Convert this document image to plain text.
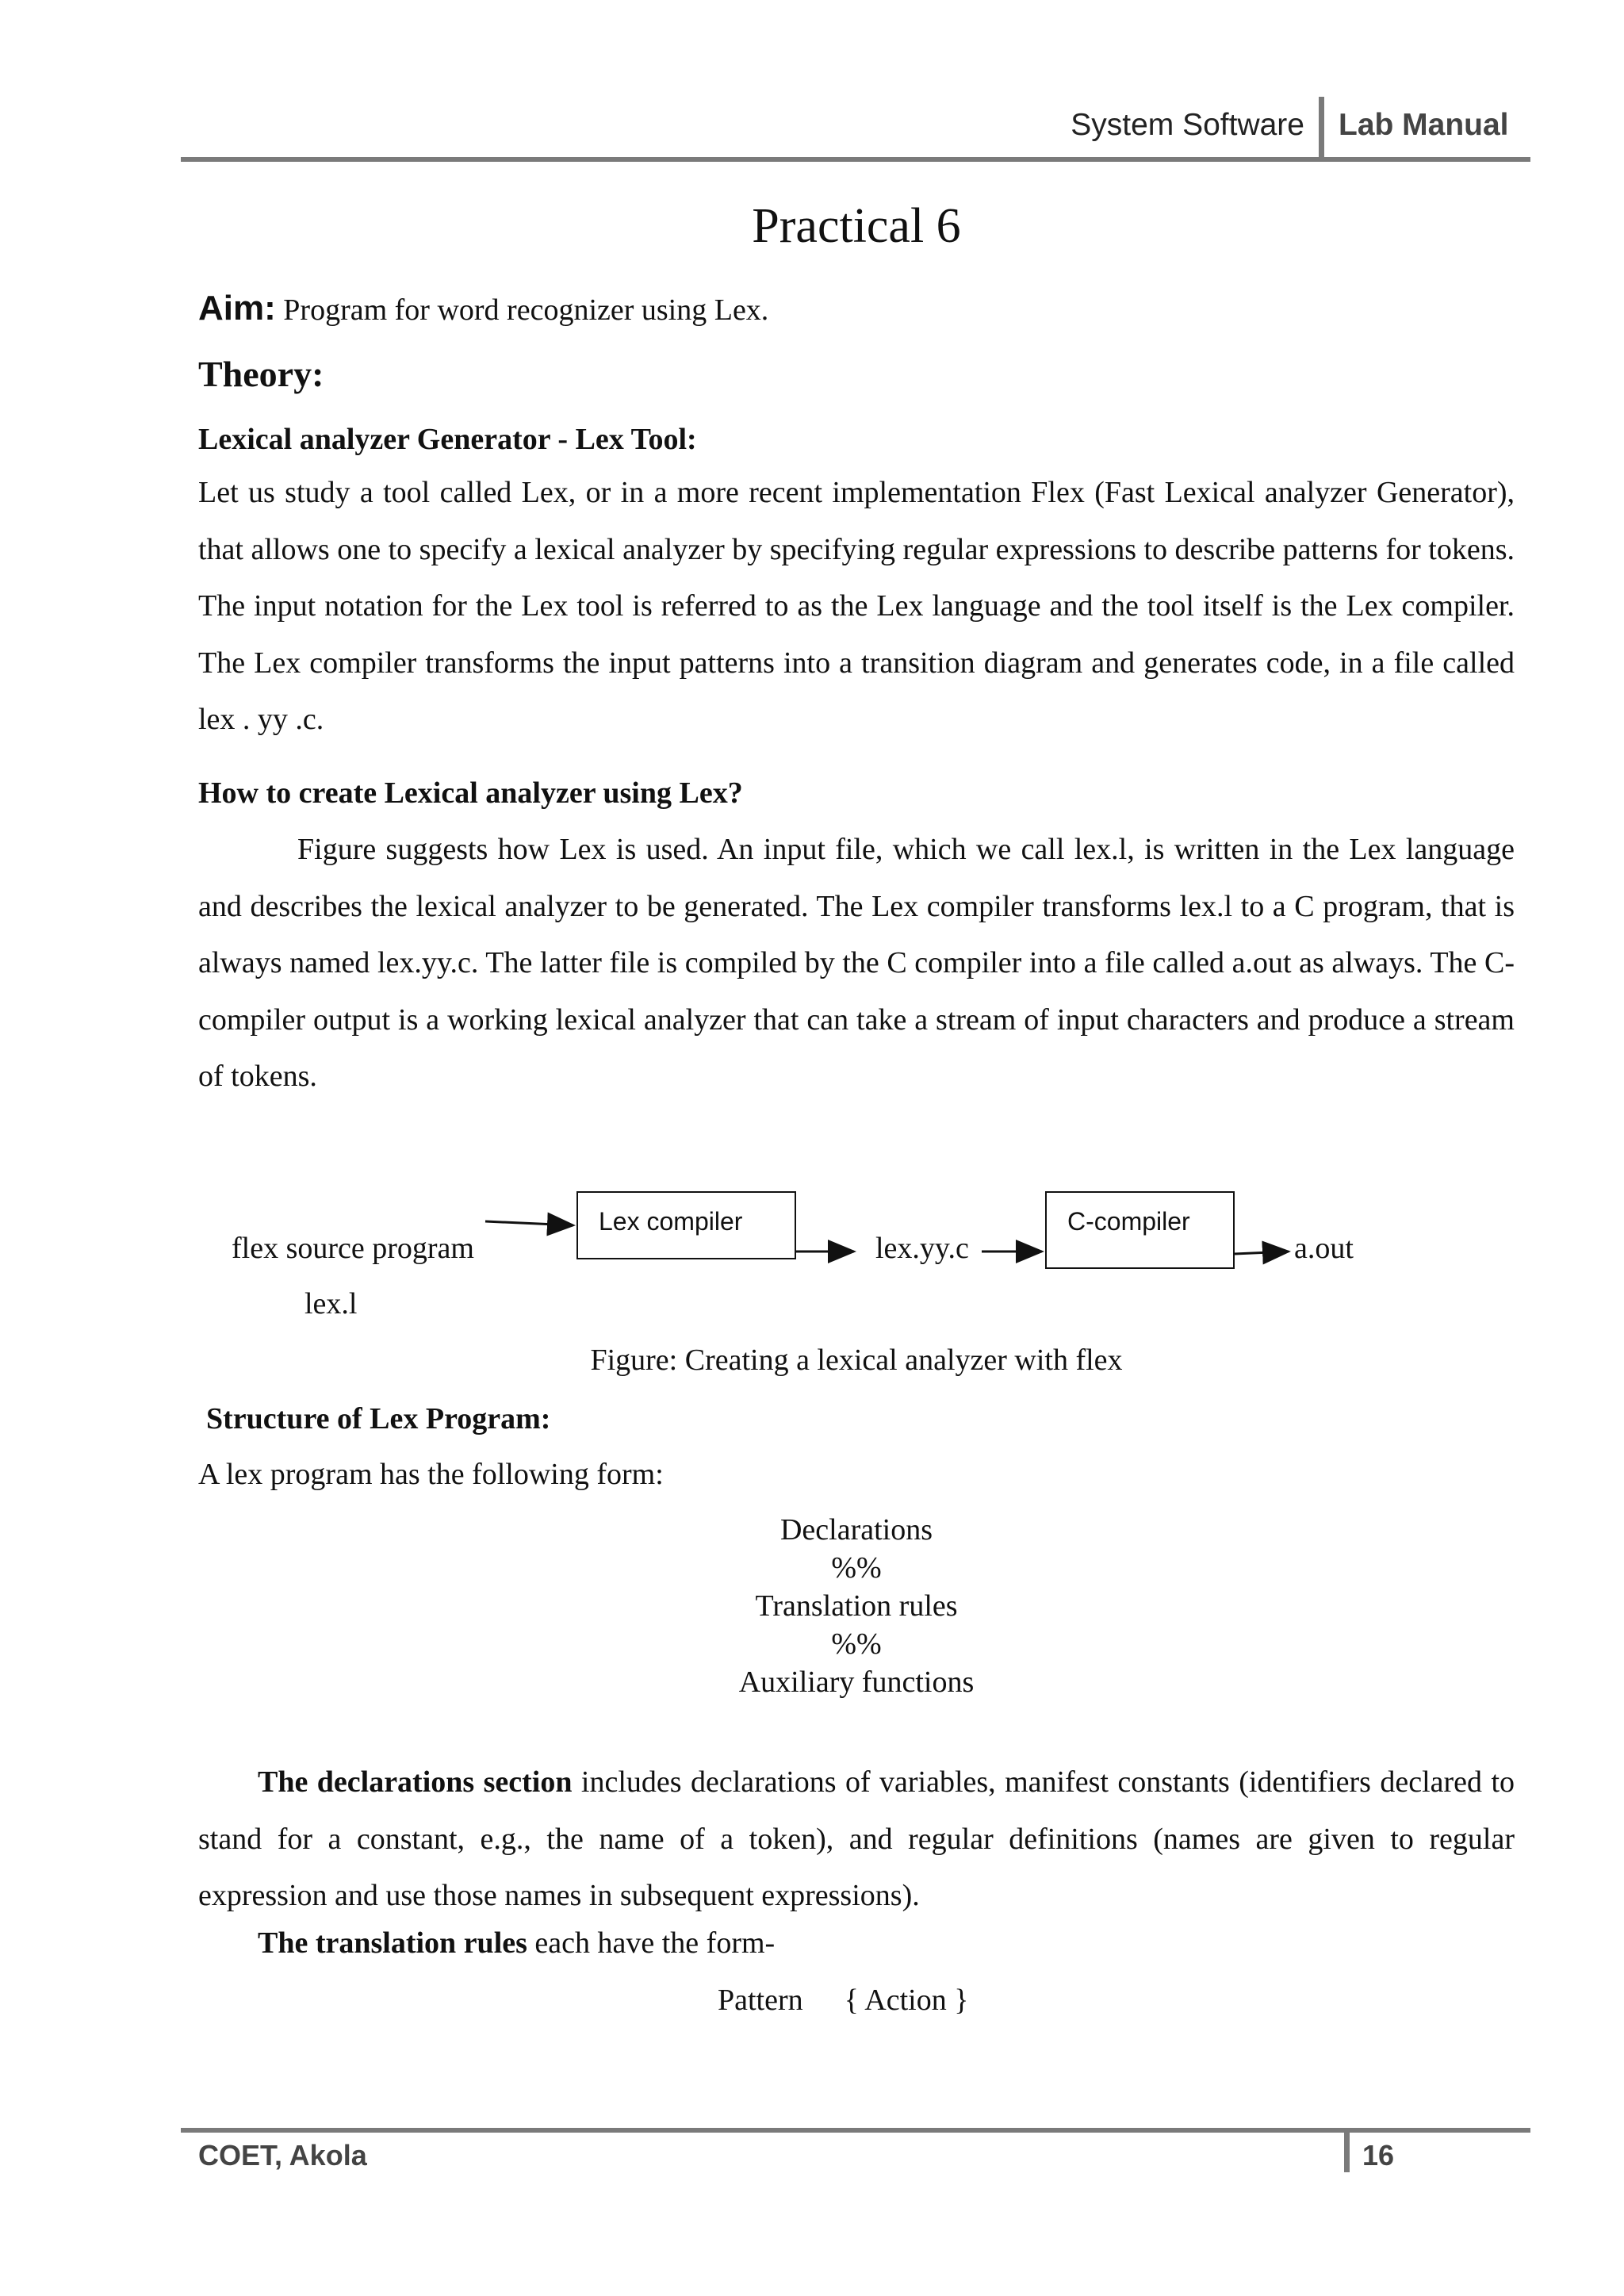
System Software Lab Manual
Practical 6
Aim: Program for word recognizer using Lex.
Theory:
Lexical analyzer Generator - Lex Tool:

Let us study a tool called Lex, or in a more recent implementation Flex (Fast Lexical analyzer Generator), that allows one to specify a lexical analyzer by specifying regular expressions to describe patterns for tokens. The input notation for the Lex tool is referred to as the Lex language and the tool itself is the Lex compiler. The Lex compiler transforms the input patterns into a transition diagram and generates code, in a file called lex . yy .c.

How to create Lexical analyzer using Lex?

Figure suggests how Lex is used. An input file, which we call lex.l, is written in the Lex language and describes the lexical analyzer to be generated. The Lex compiler transforms lex.l to a C program, that is always named lex.yy.c. The latter file is compiled by the C compiler into a file called a.out as always. The C-compiler output is a working lexical analyzer that can take a stream of input characters and produce a stream of tokens.

flex source program
lex.l
Lex compiler
lex.yy.c
C-compiler
a.out
Figure: Creating a lexical analyzer with flex
Structure of Lex Program:
A lex program has the following form:
Declarations
%%
Translation rules
%%
Auxiliary functions

The declarations section includes declarations of variables, manifest constants (identifiers declared to stand for a constant, e.g., the name of a token), and regular definitions (names are given to regular expression and use those names in subsequent expressions).

The translation rules each have the form-
Pattern { Action }
COET, Akola	16
